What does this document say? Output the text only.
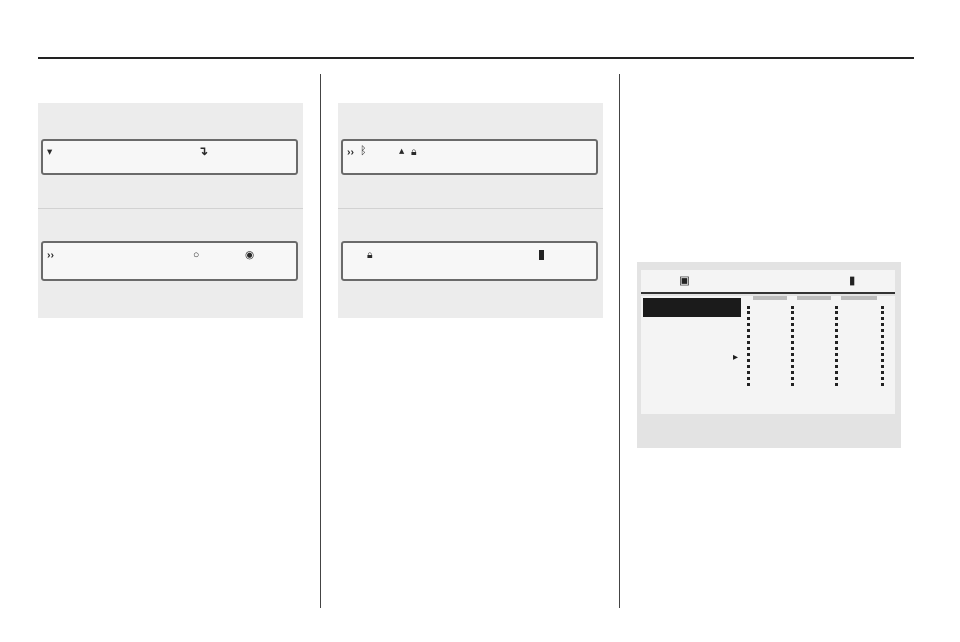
▾	↴
››	○	◉

›› ᛒ	▴ 🔒︎
🔒︎

▣	▮
▸
